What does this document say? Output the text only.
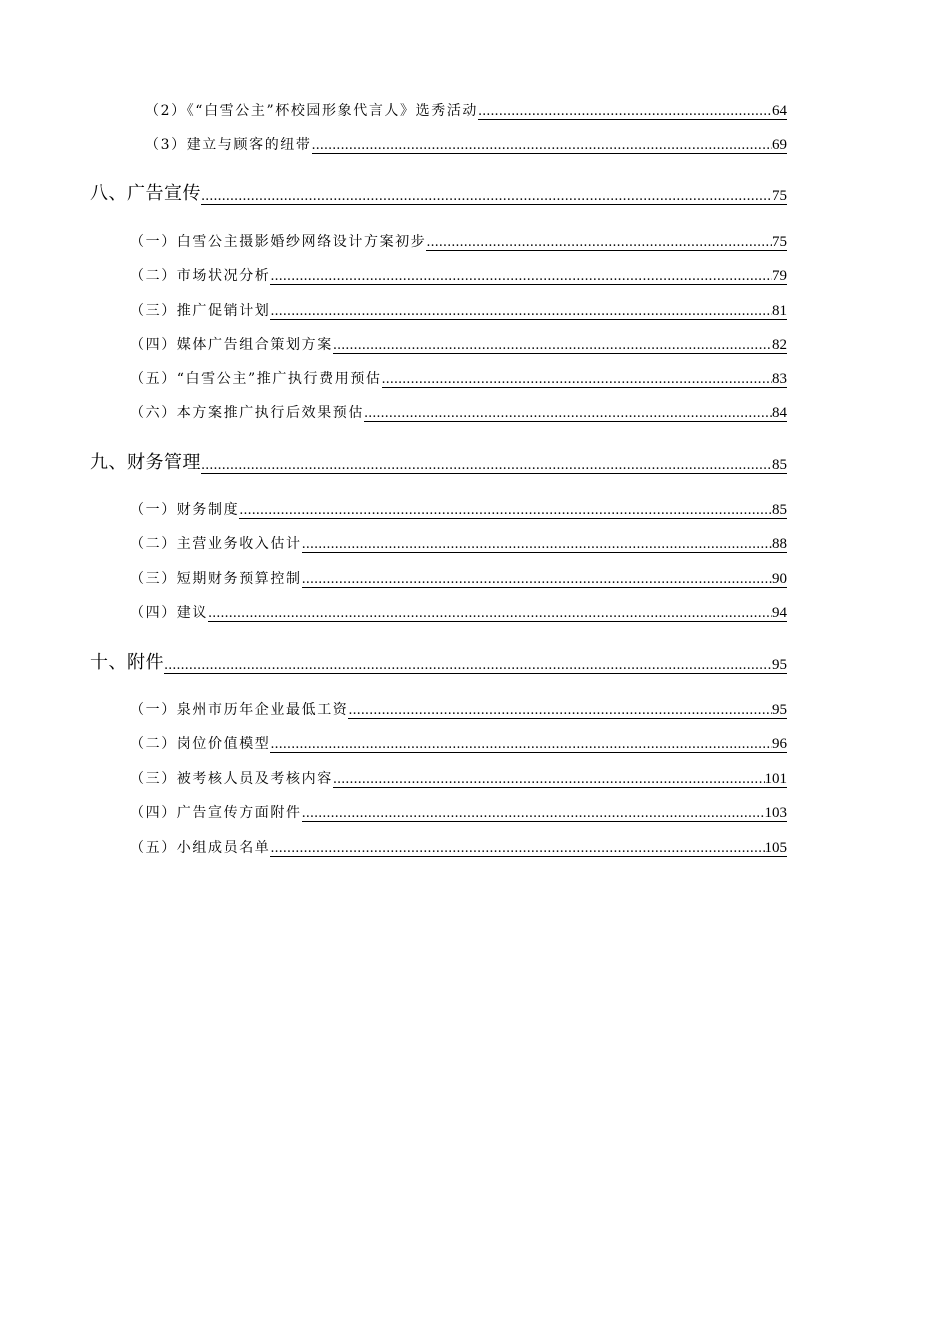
（2）《“白雪公主”杯校园形象代言人》选秀活动 .....	64
（3）建立与顾客的纽带 .....	69
八、广告宣传 .....	75
（一）白雪公主摄影婚纱网络设计方案初步 .....	75
（二）市场状况分析 .....	79
（三）推广促销计划 .....	81
（四）媒体广告组合策划方案 .....	82
（五）“白雪公主”推广执行费用预估 .....	83
（六）本方案推广执行后效果预估 .....	84
九、财务管理 .....	85
（一）财务制度 .....	85
（二）主营业务收入估计 .....	88
（三）短期财务预算控制 .....	90
（四）建议 .....	94
十、附件 .....	95
（一）泉州市历年企业最低工资 .....	95
（二）岗位价值模型 .....	96
（三）被考核人员及考核内容 .....	101
（四）广告宣传方面附件 .....	103
（五）小组成员名单 .....	105
